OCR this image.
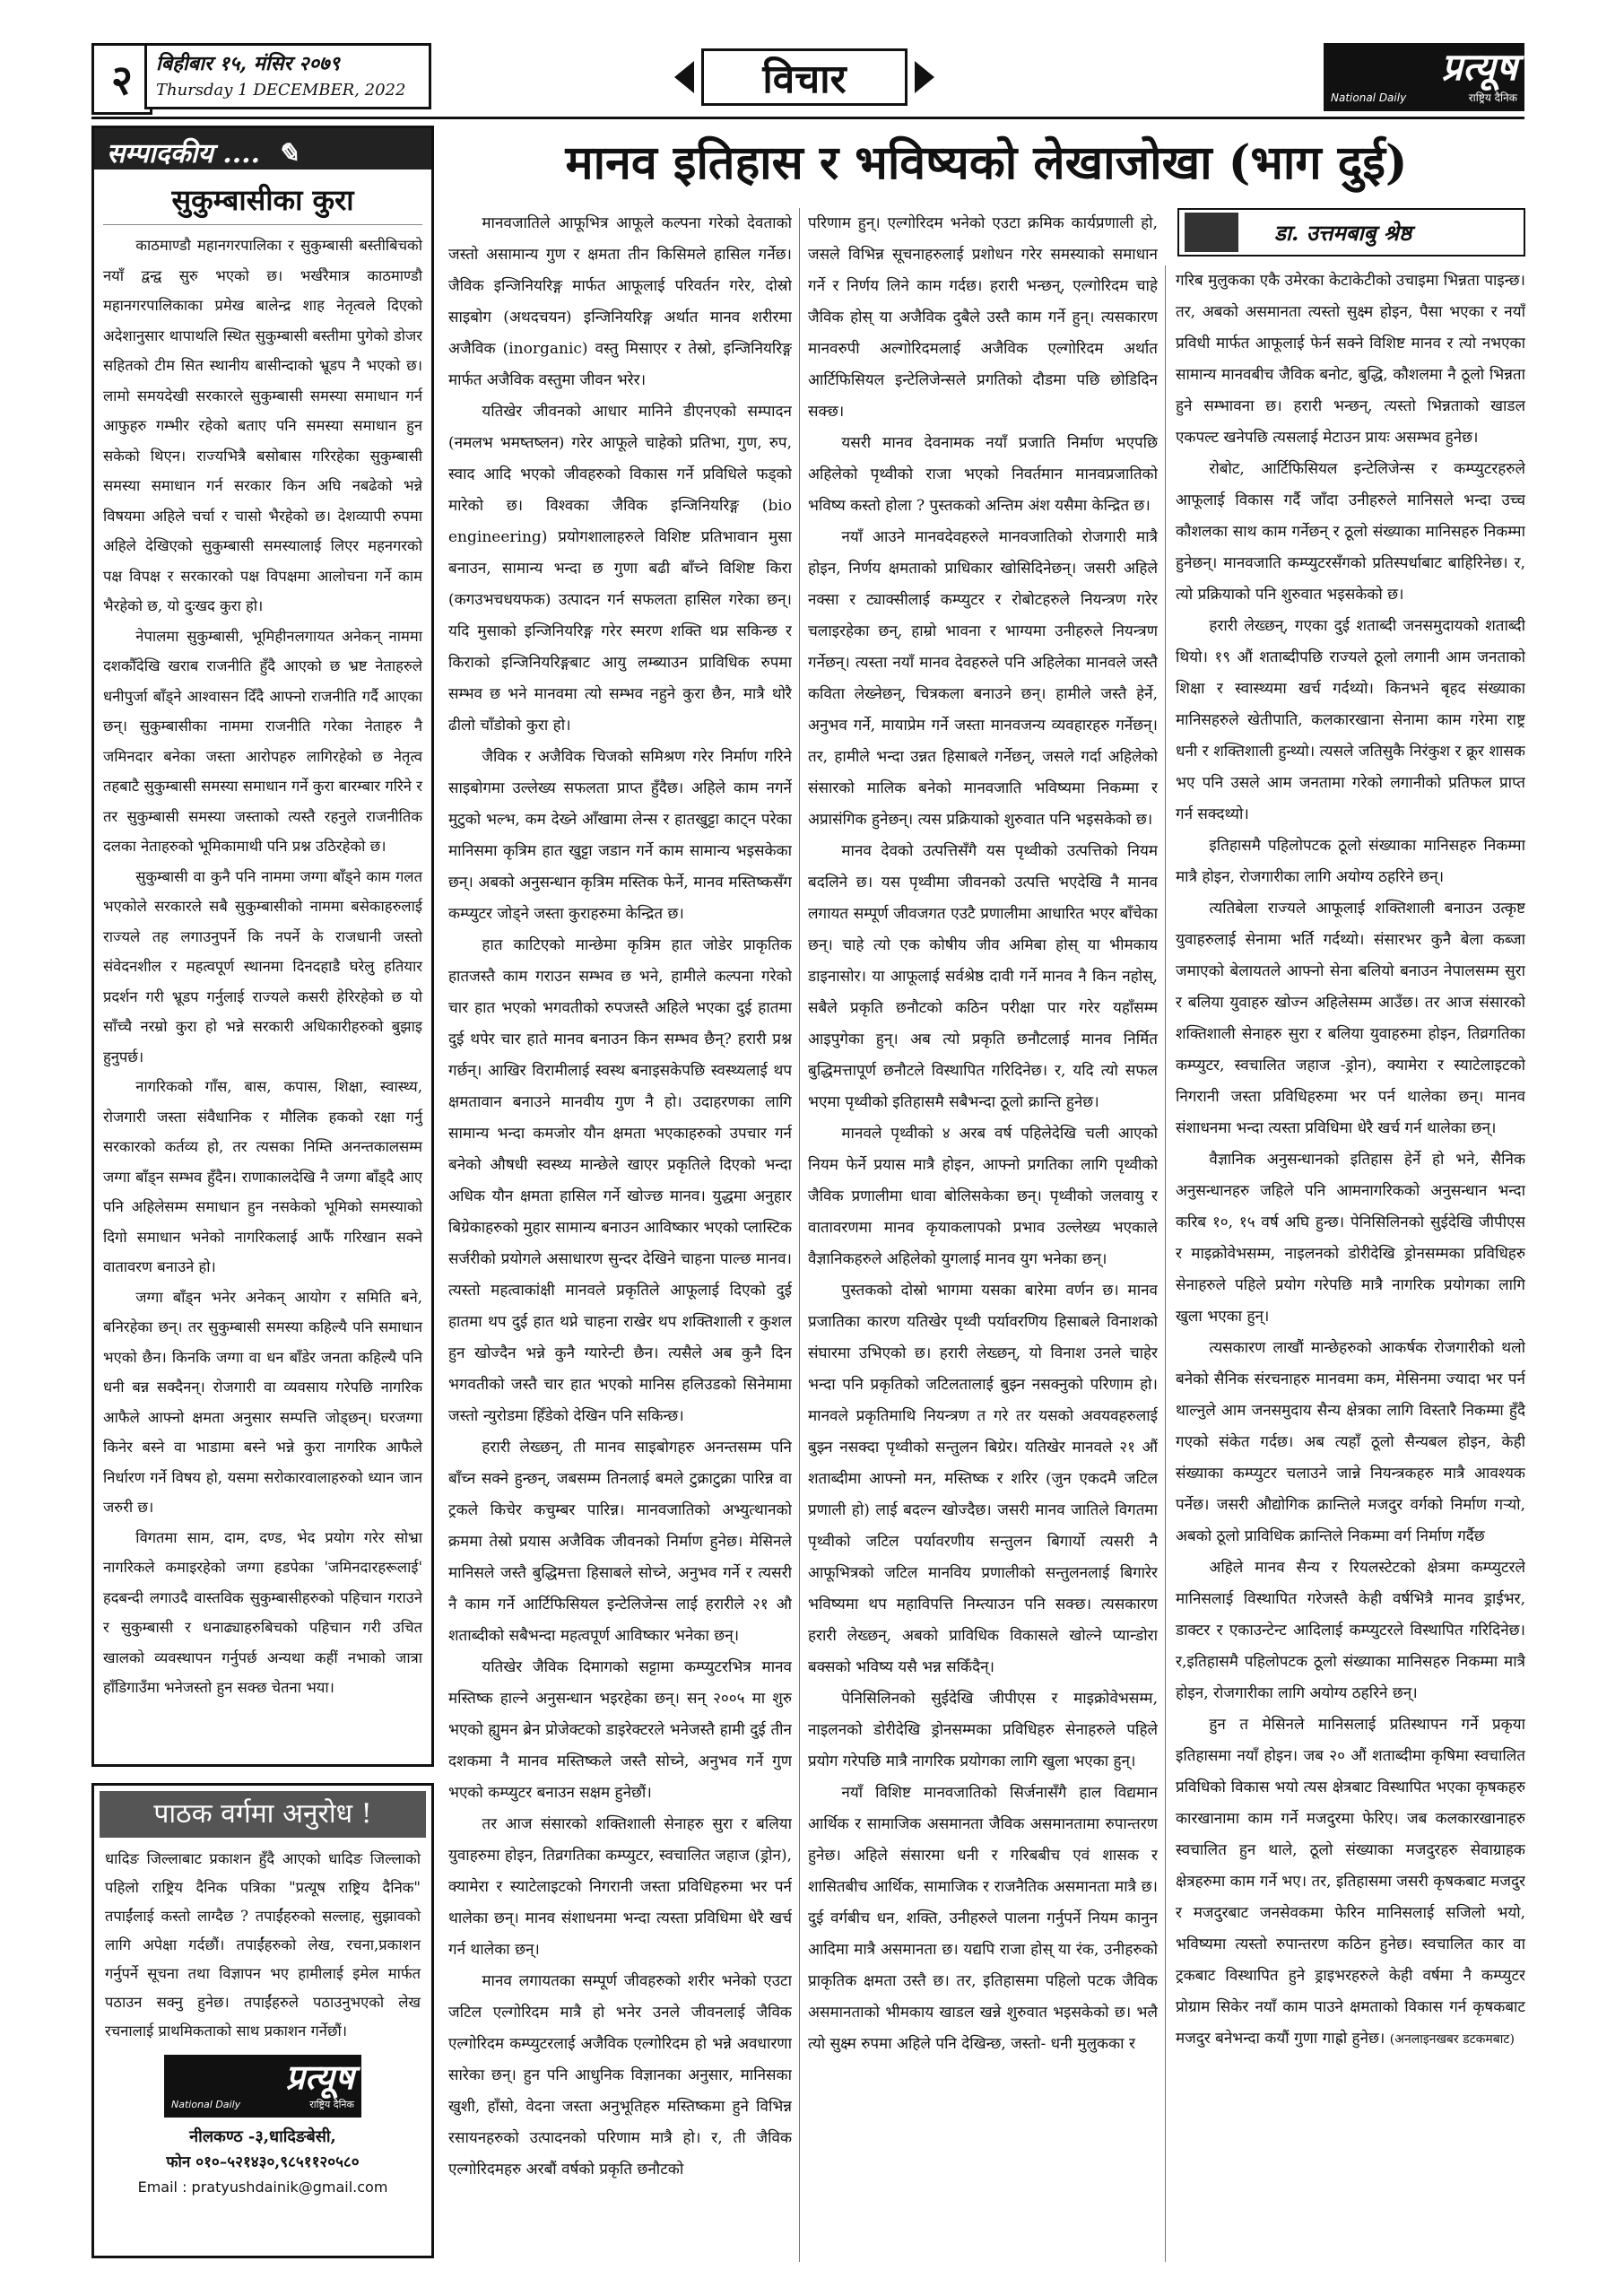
२ बिहीबार १५, मंसिर २०७९
Thursday 1 DECEMBER, 2022	विचार	प्रत्यूष
National Daily	राष्ट्रिय दैनिक
सम्पादकीय .... ✎
सुकुम्बासीका कुरा

काठमाण्डौ महानगरपालिका र सुकुम्बासी बस्तीबिचको नयाँ द्वन्द्व सुरु भएको छ। भर्खरैमात्र काठमाण्डौ महानगरपालिकाका प्रमेख बालेन्द्र शाह नेतृत्वले दिएको अदेशानुसार थापाथलि स्थित सुकुम्बासी बस्तीमा पुगेको डोजर सहितको टीम सित स्थानीय बासीन्दाको भ्रूडप नै भएको छ। लामो समयदेखी सरकारले सुकुम्बासी समस्या समाधान गर्न आफुहरु गम्भीर रहेको बताए पनि समस्या समाधान हुन सकेको थिएन। राज्यभित्रै बसोबास गरिरहेका सुकुम्बासी समस्या समाधान गर्न सरकार किन अघि नबढेको भन्ने विषयमा अहिले चर्चा र चासो भैरहेको छ। देशव्यापी रुपमा अहिले देखिएको सुकुम्बासी समस्यालाई लिएर महनगरको पक्ष विपक्ष र सरकारको पक्ष विपक्षमा आलोचना गर्ने काम भैरहेको छ, यो दुःखद कुरा हो।

नेपालमा सुकुम्बासी, भूमिहीनलगायत अनेकन् नाममा दशकौँदेखि खराब राजनीति हुँदै आएको छ भ्रष्ट नेताहरुले धनीपुर्जा बाँड्ने आश्वासन दिँदै आफ्नो राजनीति गर्दै आएका छन्। सुकुम्बासीका नाममा राजनीति गरेका नेताहरु नै जमिनदार बनेका जस्ता आरोपहरु लागिरहेको छ नेतृत्व तहबाटै सुकुम्बासी समस्या समाधान गर्ने कुरा बारम्बार गरिने र तर सुकुम्बासी समस्या जस्ताको त्यस्तै रहनुले राजनीतिक दलका नेताहरुको भूमिकामाथी पनि प्रश्न उठिरहेको छ।

सुकुम्बासी वा कुनै पनि नाममा जग्गा बाँड्ने काम गलत भएकोले सरकारले सबै सुकुम्बासीको नाममा बसेकाहरुलाई राज्यले तह लगाउनुपर्ने कि नपर्ने के राजधानी जस्तो संवेदनशील र महत्वपूर्ण स्थानमा दिनदहाडै घरेलु हतियार प्रदर्शन गरी भ्रूडप गर्नुलाई राज्यले कसरी हेरिरहेको छ यो साँच्चै नरम्रो कुरा हो भन्ने सरकारी अधिकारीहरुको बुझाइ हुनुपर्छ।

नागरिकको गाँस, बास, कपास, शिक्षा, स्वास्थ्य, रोजगारी जस्ता संवैधानिक र मौलिक हकको रक्षा गर्नु सरकारको कर्तव्य हो, तर त्यसका निम्ति अनन्तकालसम्म जग्गा बाँड्न सम्भव हुँदैन। राणाकालदेखि नै जग्गा बाँड्दै आए पनि अहिलेसम्म समाधान हुन नसकेको भूमिको समस्याको दिगो समाधान भनेको नागरिकलाई आफैं गरिखान सक्ने वातावरण बनाउने हो।

जग्गा बाँड्न भनेर अनेकन् आयोग र समिति बने, बनिरहेका छन्। तर सुकुम्बासी समस्या कहिल्यै पनि समाधान भएको छैन। किनकि जग्गा वा धन बाँडेर जनता कहिल्यै पनि धनी बन्न सक्दैनन्। रोजगारी वा व्यवसाय गरेपछि नागरिक आफैले आफ्नो क्षमता अनुसार सम्पत्ति जोड्छन्। घरजग्गा किनेर बस्ने वा भाडामा बस्ने भन्ने कुरा नागरिक आफैले निर्धारण गर्ने विषय हो, यसमा सरोकारवालाहरुको ध्यान जान जरुरी छ।

विगतमा साम, दाम, दण्ड, भेद प्रयोग गरेर सोभ्रा नागरिकले कमाइरहेको जग्गा हडपेका 'जमिनदारहरूलाई' हदबन्दी लगाउदै वास्तविक सुकुम्बासीहरुको पहिचान गराउने र सुकुम्बासी र धनाढ्याहरुबिचको पहिचान गरी उचित खालको व्यवस्थापन गर्नुपर्छ अन्यथा कहीं नभाको जात्रा हाँडिगाउँमा भनेजस्तो हुन सक्छ चेतना भया।

पाठक वर्गमा अनुरोध !

धादिङ जिल्लाबाट प्रकाशन हुँदै आएको धादिङ जिल्लाको पहिलो राष्ट्रिय दैनिक पत्रिका "प्रत्यूष राष्ट्रिय दैनिक" तपाईंलाई कस्तो लाग्दैछ ? तपाईंहरुको सल्लाह, सुझावको लागि अपेक्षा गर्दछौं। तपाईंहरुको लेख, रचना,प्रकाशन गर्नुपर्ने सूचना तथा विज्ञापन भए हामीलाई इमेल मार्फत पठाउन सक्नु हुनेछ। तपाईंहरुले पठाउनुभएको लेख रचनालाई प्राथमिकताको साथ प्रकाशन गर्नेछौं।

प्रत्यूष
National Daily	राष्ट्रिय दैनिक
नीलकण्ठ -३,धादिङबेसी,
फोन ०१०–५२१४३०,९८५११२०५८०
Email : pratyushdainik@gmail.com
मानव इतिहास र भविष्यको लेखाजोखा (भाग दुई)
डा. उत्तमबाबु श्रेष्ठ

मानवजातिले आफूभित्र आफूले कल्पना गरेको देवताको जस्तो असामान्य गुण र क्षमता तीन किसिमले हासिल गर्नेछ। जैविक इन्जिनियरिङ्ग मार्फत आफूलाई परिवर्तन गरेर, दोस्रो साइबोग (अथदचयन) इन्जिनियरिङ्ग अर्थात मानव शरीरमा अजैविक (inorganic) वस्तु मिसाएर र तेस्रो, इन्जिनियरिङ्ग मार्फत अजैविक वस्तुमा जीवन भरेर।

यतिखेर जीवनको आधार मानिने डीएनएको सम्पादन (नमलभ भमष्तष्लन) गरेर आफूले चाहेको प्रतिभा, गुण, रुप, स्वाद आदि भएको जीवहरुको विकास गर्ने प्रविधिले फड्को मारेको छ। विश्वका जैविक इन्जिनियरिङ्ग (bio engineering) प्रयोगशालाहरुले विशिष्ट प्रतिभावान मुसा बनाउन, सामान्य भन्दा छ गुणा बढी बाँच्ने विशिष्ट किरा (कगउभचधयफक) उत्पादन गर्न सफलता हासिल गरेका छन्। यदि मुसाको इन्जिनियरिङ्ग गरेर स्मरण शक्ति थप्न सकिन्छ र किराको इन्जिनियरिङ्गबाट आयु लम्ब्याउन प्राविधिक रुपमा सम्भव छ भने मानवमा त्यो सम्भव नहुने कुरा छैन, मात्रै थोरै ढीलो चाँडोको कुरा हो।

जैविक र अजैविक चिजको समिश्रण गरेर निर्माण गरिने साइबोगमा उल्लेख्य सफलता प्राप्त हुँदैछ। अहिले काम नगर्ने मुटुको भल्भ, कम देख्ने आँखामा लेन्स र हातखुट्टा काट्न परेका मानिसमा कृत्रिम हात खुट्टा जडान गर्ने काम सामान्य भइसकेका छन्। अबको अनुसन्धान कृत्रिम मस्तिक फेर्ने, मानव मस्तिष्कसँग कम्प्युटर जोड्ने जस्ता कुराहरुमा केन्द्रित छ।

हात काटिएको मान्छेमा कृत्रिम हात जोडेर प्राकृतिक हातजस्तै काम गराउन सम्भव छ भने, हामीले कल्पना गरेको चार हात भएको भगवतीको रुपजस्तै अहिले भएका दुई हातमा दुई थपेर चार हाते मानव बनाउन किन सम्भव छैन्? हरारी प्रश्न गर्छन्। आखिर विरामीलाई स्वस्थ बनाइसकेपछि स्वस्थ्यलाई थप क्षमतावान बनाउने मानवीय गुण नै हो। उदाहरणका लागि सामान्य भन्दा कमजोर यौन क्षमता भएकाहरुको उपचार गर्न बनेको औषधी स्वस्थ्य मान्छेले खाएर प्रकृतिले दिएको भन्दा अधिक यौन क्षमता हासिल गर्ने खोज्छ मानव। युद्धमा अनुहार बिग्रेकाहरुको मुहार सामान्य बनाउन आविष्कार भएको प्लास्टिक सर्जरीको प्रयोगले असाधारण सुन्दर देखिने चाहना पाल्छ मानव। त्यस्तो महत्वाकांक्षी मानवले प्रकृतिले आफूलाई दिएको दुई हातमा थप दुई हात थप्ने चाहना राखेर थप शक्तिशाली र कुशल हुन खोज्दैन भन्ने कुनै ग्यारेन्टी छैन। त्यसैले अब कुनै दिन भगवतीको जस्तै चार हात भएको मानिस हलिउडको सिनेमामा जस्तो न्युरोडमा हिँडेको देखिन पनि सकिन्छ।

हरारी लेख्छन्, ती मानव साइबोगहरु अनन्तसम्म पनि बाँच्न सक्ने हुन्छन्, जबसम्म तिनलाई बमले टुक्राटुक्रा पारिन्न वा ट्रकले किचेर कचुम्बर पारिन्न। मानवजातिको अभ्युत्थानको क्रममा तेस्रो प्रयास अजैविक जीवनको निर्माण हुनेछ। मेसिनले मानिसले जस्तै बुद्धिमत्ता हिसाबले सोच्ने, अनुभव गर्ने र त्यसरी नै काम गर्ने आर्टिफिसियल इन्टेलिजेन्स लाई हरारीले २१ औ शताब्दीको सबैभन्दा महत्वपूर्ण आविष्कार भनेका छन्।

यतिखेर जैविक दिमागको सट्टामा कम्प्युटरभित्र मानव मस्तिष्क हाल्ने अनुसन्धान भइरहेका छन्। सन् २००५ मा शुरु भएको ह्युमन ब्रेन प्रोजेक्टको डाइरेक्टरले भनेजस्तै हामी दुई तीन दशकमा नै मानव मस्तिष्कले जस्तै सोच्ने, अनुभव गर्ने गुण भएको कम्प्युटर बनाउन सक्षम हुनेछौं।

तर आज संसारको शक्तिशाली सेनाहरु सुरा र बलिया युवाहरुमा होइन, तिव्रगतिका कम्प्युटर, स्वचालित जहाज (ड्रोन), क्यामेरा र स्याटेलाइटको निगरानी जस्ता प्रविधिहरुमा भर पर्न थालेका छन्। मानव संशाधनमा भन्दा त्यस्ता प्रविधिमा धेरै खर्च गर्न थालेका छन्।

मानव लगायतका सम्पूर्ण जीवहरुको शरीर भनेको एउटा जटिल एल्गोरिदम मात्रै हो भनेर उनले जीवनलाई जैविक एल्गोरिदम कम्प्युटरलाई अजैविक एल्गोरिदम हो भन्ने अवधारणा सारेका छन्। हुन पनि आधुनिक विज्ञानका अनुसार, मानिसका खुशी, हाँसो, वेदना जस्ता अनुभूतिहरु मस्तिष्कमा हुने विभिन्न रसायनहरुको उत्पादनको परिणाम मात्रै हो। र, ती जैविक एल्गोरिदमहरु अरबौं वर्षको प्रकृति छनौटको

परिणाम हुन्। एल्गोरिदम भनेको एउटा क्रमिक कार्यप्रणाली हो, जसले विभिन्न सूचनाहरुलाई प्रशोधन गरेर समस्याको समाधान गर्ने र निर्णय लिने काम गर्दछ। हरारी भन्छन्, एल्गोरिदम चाहे जैविक होस् या अजैविक दुबैले उस्तै काम गर्ने हुन्। त्यसकारण मानवरुपी अल्गोरिदमलाई अजैविक एल्गोरिदम अर्थात आर्टिफिसियल इन्टेलिजेन्सले प्रगतिको दौडमा पछि छोडिदिन सक्छ।

यसरी मानव देवनामक नयाँ प्रजाति निर्माण भएपछि अहिलेको पृथ्वीको राजा भएको निवर्तमान मानवप्रजातिको भविष्य कस्तो होला ? पुस्तकको अन्तिम अंश यसैमा केन्द्रित छ।

नयाँ आउने मानवदेवहरुले मानवजातिको रोजगारी मात्रै होइन, निर्णय क्षमताको प्राधिकार खोसिदिनेछन्। जसरी अहिले नक्सा र ट्याक्सीलाई कम्प्युटर र रोबोटहरुले नियन्त्रण गरेर चलाइरहेका छन्, हाम्रो भावना र भाग्यमा उनीहरुले नियन्त्रण गर्नेछन्। त्यस्ता नयाँ मानव देवहरुले पनि अहिलेका मानवले जस्तै कविता लेख्नेछन्, चित्रकला बनाउने छन्। हामीले जस्तै हेर्ने, अनुभव गर्ने, मायाप्रेम गर्ने जस्ता मानवजन्य व्यवहारहरु गर्नेछन्। तर, हामीले भन्दा उन्नत हिसाबले गर्नेछन्, जसले गर्दा अहिलेको संसारको मालिक बनेको मानवजाति भविष्यमा निकम्मा र अप्रासंगिक हुनेछन्। त्यस प्रक्रियाको शुरुवात पनि भइसकेको छ।

मानव देवको उत्पत्तिसँगै यस पृथ्वीको उत्पत्तिको नियम बदलिने छ। यस पृथ्वीमा जीवनको उत्पत्ति भएदेखि नै मानव लगायत सम्पूर्ण जीवजगत एउटै प्रणालीमा आधारित भएर बाँचेका छन्। चाहे त्यो एक कोषीय जीव अमिबा होस् या भीमकाय डाइनासोर। या आफूलाई सर्वश्रेष्ठ दावी गर्ने मानव नै किन नहोस्, सबैले प्रकृति छनौटको कठिन परीक्षा पार गरेर यहाँसम्म आइपुगेका हुन्। अब त्यो प्रकृति छनौटलाई मानव निर्मित बुद्धिमत्तापूर्ण छनौटले विस्थापित गरिदिनेछ। र, यदि त्यो सफल भएमा पृथ्वीको इतिहासमै सबैभन्दा ठूलो क्रान्ति हुनेछ।

मानवले पृथ्वीको ४ अरब वर्ष पहिलेदेखि चली आएको नियम फेर्ने प्रयास मात्रै होइन, आफ्नो प्रगतिका लागि पृथ्वीको जैविक प्रणालीमा धावा बोलिसकेका छन्। पृथ्वीको जलवायु र वातावरणमा मानव कृयाकलापको प्रभाव उल्लेख्य भएकाले वैज्ञानिकहरुले अहिलेको युगलाई मानव युग भनेका छन्।

पुस्तकको दोस्रो भागमा यसका बारेमा वर्णन छ। मानव प्रजातिका कारण यतिखेर पृथ्वी पर्यावरणिय हिसाबले विनाशको संघारमा उभिएको छ। हरारी लेख्छन्, यो विनाश उनले चाहेर भन्दा पनि प्रकृतिको जटिलतालाई बुझ्न नसक्नुको परिणाम हो। मानवले प्रकृतिमाथि नियन्त्रण त गरे तर यसको अवयवहरुलाई बुझ्न नसक्दा पृथ्वीको सन्तुलन बिग्रेर। यतिखेर मानवले २१ औं शताब्दीमा आफ्नो मन, मस्तिष्क र शरिर (जुन एकदमै जटिल प्रणाली हो) लाई बदल्न खोज्दैछ। जसरी मानव जातिले विगतमा पृथ्वीको जटिल पर्यावरणीय सन्तुलन बिगार्यो त्यसरी नै आफूभित्रको जटिल मानविय प्रणालीको सन्तुलनलाई बिगारेर भविष्यमा थप महाविपत्ति निम्त्याउन पनि सक्छ। त्यसकारण हरारी लेख्छन्, अबको प्राविधिक विकासले खोल्ने प्यान्डोरा बक्सको भविष्य यसै भन्न सकिँदैन्।

पेनिसिलिनको सुईदेखि जीपीएस र माइक्रोवेभसम्म, नाइलनको डोरीदेखि ड्रोनसम्मका प्रविधिहरु सेनाहरुले पहिले प्रयोग गरेपछि मात्रै नागरिक प्रयोगका लागि खुला भएका हुन्।

नयाँ विशिष्ट मानवजातिको सिर्जनासँगै हाल विद्यमान आर्थिक र सामाजिक असमानता जैविक असमानतामा रुपान्तरण हुनेछ। अहिले संसारमा धनी र गरिबबीच एवं शासक र शासितबीच आर्थिक, सामाजिक र राजनैतिक असमानता मात्रै छ। दुई वर्गबीच धन, शक्ति, उनीहरुले पालना गर्नुपर्ने नियम कानुन आदिमा मात्रै असमानता छ। यद्यपि राजा होस् या रंक, उनीहरुको प्राकृतिक क्षमता उस्तै छ। तर, इतिहासमा पहिलो पटक जैविक असमानताको भीमकाय खाडल खन्ने शुरुवात भइसकेको छ। भलै त्यो सुक्ष्म रुपमा अहिले पनि देखिन्छ, जस्तो- धनी मुलुकका र

गरिब मुलुकका एकै उमेरका केटाकेटीको उचाइमा भिन्नता पाइन्छ। तर, अबको असमानता त्यस्तो सुक्ष्म होइन, पैसा भएका र नयाँ प्रविधी मार्फत आफूलाई फेर्न सक्ने विशिष्ट मानव र त्यो नभएका सामान्य मानवबीच जैविक बनोट, बुद्धि, कौशलमा नै ठूलो भिन्नता हुने सम्भावना छ। हरारी भन्छन्, त्यस्तो भिन्नताको खाडल एकपल्ट खनेपछि त्यसलाई मेटाउन प्रायः असम्भव हुनेछ।

रोबोट, आर्टिफिसियल इन्टेलिजेन्स र कम्प्युटरहरुले आफूलाई विकास गर्दै जाँदा उनीहरुले मानिसले भन्दा उच्च कौशलका साथ काम गर्नेछन् र ठूलो संख्याका मानिसहरु निकम्मा हुनेछन्। मानवजाति कम्प्युटरसँगको प्रतिस्पर्धाबाट बाहिरिनेछ। र, त्यो प्रक्रियाको पनि शुरुवात भइसकेको छ।

हरारी लेख्छन्, गएका दुई शताब्दी जनसमुदायको शताब्दी थियो। १९ औं शताब्दीपछि राज्यले ठूलो लगानी आम जनताको शिक्षा र स्वास्थ्यमा खर्च गर्दथ्यो। किनभने बृहद संख्याका मानिसहरुले खेतीपाति, कलकारखाना सेनामा काम गरेमा राष्ट्र धनी र शक्तिशाली हुन्थ्यो। त्यसले जतिसुकै निरंकुश र क्रूर शासक भए पनि उसले आम जनतामा गरेको लगानीको प्रतिफल प्राप्त गर्न सक्दथ्यो।

इतिहासमै पहिलोपटक ठूलो संख्याका मानिसहरु निकम्मा मात्रै होइन, रोजगारीका लागि अयोग्य ठहरिने छन्।

त्यतिबेला राज्यले आफूलाई शक्तिशाली बनाउन उत्कृष्ट युवाहरुलाई सेनामा भर्ति गर्दथ्यो। संसारभर कुनै बेला कब्जा जमाएको बेलायतले आफ्नो सेना बलियो बनाउन नेपालसम्म सुरा र बलिया युवाहरु खोज्न अहिलेसम्म आउँछ। तर आज संसारको शक्तिशाली सेनाहरु सुरा र बलिया युवाहरुमा होइन, तिव्रगतिका कम्प्युटर, स्वचालित जहाज -ड्रोन), क्यामेरा र स्याटेलाइटको निगरानी जस्ता प्रविधिहरुमा भर पर्न थालेका छन्। मानव संशाधनमा भन्दा त्यस्ता प्रविधिमा धेरै खर्च गर्न थालेका छन्।

वैज्ञानिक अनुसन्धानको इतिहास हेर्ने हो भने, सैनिक अनुसन्धानहरु जहिले पनि आमनागरिकको अनुसन्धान भन्दा करिब १०, १५ वर्ष अघि हुन्छ। पेनिसिलिनको सुईदेखि जीपीएस र माइक्रोवेभसम्म, नाइलनको डोरीदेखि ड्रोनसम्मका प्रविधिहरु सेनाहरुले पहिले प्रयोग गरेपछि मात्रै नागरिक प्रयोगका लागि खुला भएका हुन्।

त्यसकारण लाखौं मान्छेहरुको आकर्षक रोजगारीको थलो बनेको सैनिक संरचनाहरु मानवमा कम, मेसिनमा ज्यादा भर पर्न थाल्नुले आम जनसमुदाय सैन्य क्षेत्रका लागि विस्तारै निकम्मा हुँदै गएको संकेत गर्दछ। अब त्यहाँ ठूलो सैन्यबल होइन, केही संख्याका कम्प्युटर चलाउने जान्ने नियन्त्रकहरु मात्रै आवश्यक पर्नेछ। जसरी औद्योगिक क्रान्तिले मजदुर वर्गको निर्माण गर्‍यो, अबको ठूलो प्राविधिक क्रान्तिले निकम्मा वर्ग निर्माण गर्दैछ

अहिले मानव सैन्य र रियलस्टेटको क्षेत्रमा कम्प्युटरले मानिसलाई विस्थापित गरेजस्तै केही वर्षभित्रै मानव ड्राईभर, डाक्टर र एकाउन्टेन्ट आदिलाई कम्प्युटरले विस्थापित गरिदिनेछ। र,इतिहासमै पहिलोपटक ठूलो संख्याका मानिसहरु निकम्मा मात्रै होइन, रोजगारीका लागि अयोग्य ठहरिने छन्।

हुन त मेसिनले मानिसलाई प्रतिस्थापन गर्ने प्रकृया इतिहासमा नयाँ होइन। जब २० औं शताब्दीमा कृषिमा स्वचालित प्रविधिको विकास भयो त्यस क्षेत्रबाट विस्थापित भएका कृषकहरु कारखानामा काम गर्ने मजदुरमा फेरिए। जब कलकारखानाहरु स्वचालित हुन थाले, ठूलो संख्याका मजदुरहरु सेवाग्राहक क्षेत्रहरुमा काम गर्ने भए। तर, इतिहासमा जसरी कृषकबाट मजदुर र मजदुरबाट जनसेवकमा फेरिन मानिसलाई सजिलो भयो, भविष्यमा त्यस्तो रुपान्तरण कठिन हुनेछ। स्वचालित कार वा ट्रकबाट विस्थापित हुने ड्राइभरहरुले केही वर्षमा नै कम्प्युटर प्रोग्राम सिकेर नयाँ काम पाउने क्षमताको विकास गर्न कृषकबाट मजदुर बनेभन्दा कयौं गुणा गाह्रो हुनेछ। (अनलाइनखबर डटकमबाट)
